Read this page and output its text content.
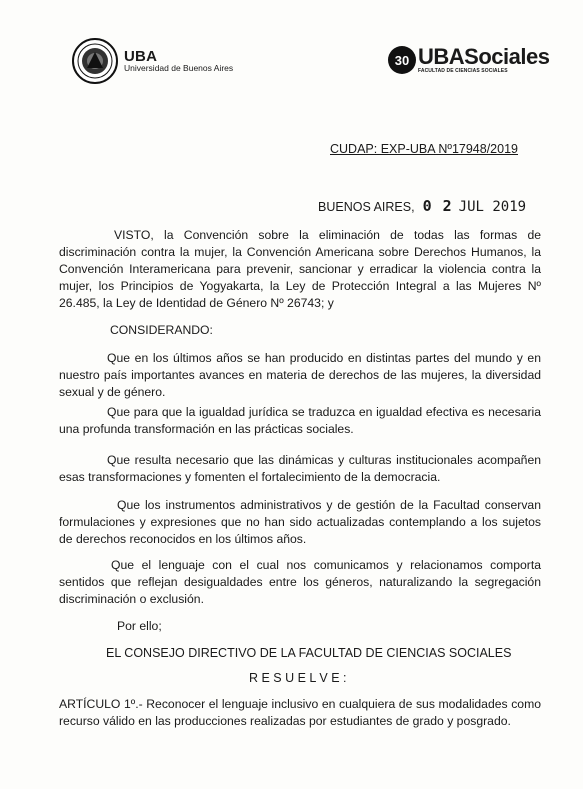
UBA
Universidad de Buenos Aires
30 UBASociales
FACULTAD DE CIENCIAS SOCIALES
CUDAP: EXP-UBA Nº17948/2019
BUENOS AIRES, 0 2 JUL 2019
VISTO, la Convención sobre la eliminación de todas las formas de discriminación contra la mujer, la Convención Americana sobre Derechos Humanos, la Convención Interamericana para prevenir, sancionar y erradicar la violencia contra la mujer, los Principios de Yogyakarta, la Ley de Protección Integral a las Mujeres Nº 26.485, la Ley de Identidad de Género Nº 26743; y
CONSIDERANDO:
Que en los últimos años se han producido en distintas partes del mundo y en nuestro país importantes avances en materia de derechos de las mujeres, la diversidad sexual y de género.
Que para que la igualdad jurídica se traduzca en igualdad efectiva es necesaria una profunda transformación en las prácticas sociales.
Que resulta necesario que las dinámicas y culturas institucionales acompañen esas transformaciones y fomenten el fortalecimiento de la democracia.
Que los instrumentos administrativos y de gestión de la Facultad conservan formulaciones y expresiones que no han sido actualizadas contemplando a los sujetos de derechos reconocidos en los últimos años.
Que el lenguaje con el cual nos comunicamos y relacionamos comporta sentidos que reflejan desigualdades entre los géneros, naturalizando la segregación discriminación o exclusión.
Por ello;
EL CONSEJO DIRECTIVO DE LA FACULTAD DE CIENCIAS SOCIALES
R E S U E L V E :
ARTÍCULO 1º.- Reconocer el lenguaje inclusivo en cualquiera de sus modalidades como recurso válido en las producciones realizadas por estudiantes de grado y posgrado.
